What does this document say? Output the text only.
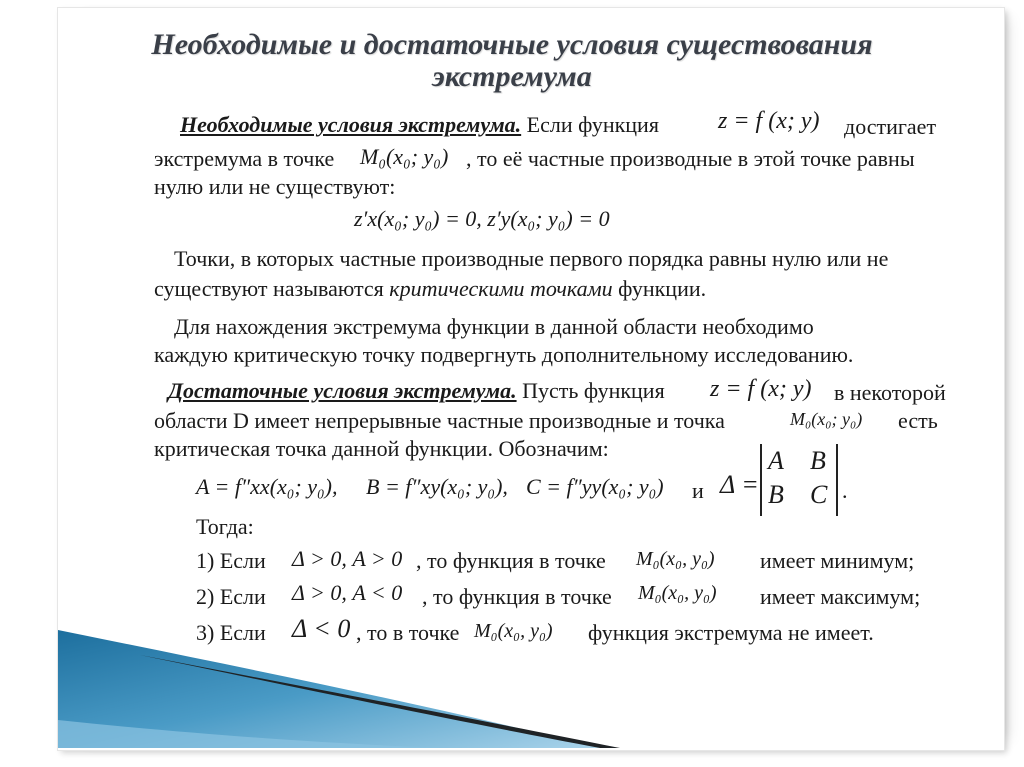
Необходимые и достаточные условия существования
экстремума
Необходимые условия экстремума. Если функция z = f (x; y) достигает
экстремума в точке M₀(x₀; y₀) , то её частные производные в этой точке равны
нулю или не существуют:
z′x(x₀; y₀) = 0, z′y(x₀; y₀) = 0
Точки, в которых частные производные первого порядка равны нулю или не
существуют называются критическими точками функции.
Для нахождения экстремума функции в данной области необходимо
каждую критическую точку подвергнуть дополнительному исследованию.
Достаточные условия экстремума. Пусть функция z = f (x; y) в некоторой
области D имеет непрерывные частные производные и точка	M₀(x₀; y₀) есть
критическая точка данной функции. Обозначим:
A = f″xx(x₀; y₀), B = f″xy(x₀; y₀), C = f″yy(x₀; y₀) и Δ =
A B
B C .
Тогда:
1) Если Δ > 0, A > 0 , то функция в точке M₀(x₀, y₀) имеет минимум;
2) Если Δ > 0, A < 0 , то функция в точке M₀(x₀, y₀) имеет максимум;
3) Если Δ < 0 , то в точке M₀(x₀, y₀) функция экстремума не имеет.
